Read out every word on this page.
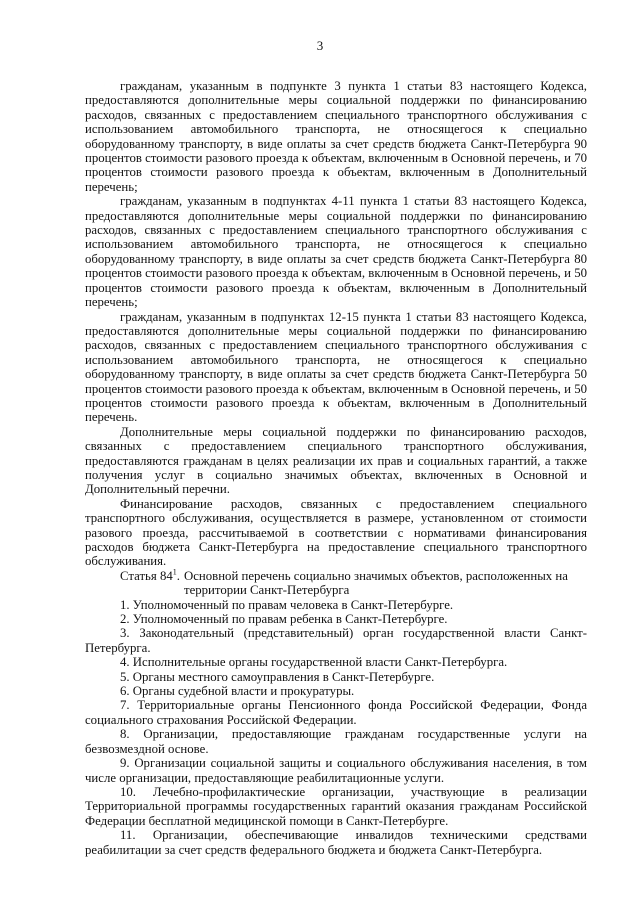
3

гражданам, указанным в подпункте 3 пункта 1 статьи 83 настоящего Кодекса, предоставляются дополнительные меры социальной поддержки по финансированию расходов, связанных с предоставлением специального транспортного обслуживания с использованием автомобильного транспорта, не относящегося к специально оборудованному транспорту, в виде оплаты за счет средств бюджета Санкт-Петербурга 90 процентов стоимости разового проезда к объектам, включенным в Основной перечень, и 70 процентов стоимости разового проезда к объектам, включенным в Дополнительный перечень;

гражданам, указанным в подпунктах 4-11 пункта 1 статьи 83 настоящего Кодекса, предоставляются дополнительные меры социальной поддержки по финансированию расходов, связанных с предоставлением специального транспортного обслуживания с использованием автомобильного транспорта, не относящегося к специально оборудованному транспорту, в виде оплаты за счет средств бюджета Санкт-Петербурга 80 процентов стоимости разового проезда к объектам, включенным в Основной перечень, и 50 процентов стоимости разового проезда к объектам, включенным в Дополнительный перечень;

гражданам, указанным в подпунктах 12-15 пункта 1 статьи 83 настоящего Кодекса, предоставляются дополнительные меры социальной поддержки по финансированию расходов, связанных с предоставлением специального транспортного обслуживания с использованием автомобильного транспорта, не относящегося к специально оборудованному транспорту, в виде оплаты за счет средств бюджета Санкт-Петербурга 50 процентов стоимости разового проезда к объектам, включенным в Основной перечень, и 50 процентов стоимости разового проезда к объектам, включенным в Дополнительный перечень.

Дополнительные меры социальной поддержки по финансированию расходов, связанных с предоставлением специального транспортного обслуживания, предоставляются гражданам в целях реализации их прав и социальных гарантий, а также получения услуг в социально значимых объектах, включенных в Основной и Дополнительный перечни.

Финансирование расходов, связанных с предоставлением специального транспортного обслуживания, осуществляется в размере, установленном от стоимости разового проезда, рассчитываемой в соответствии с нормативами финансирования расходов бюджета Санкт-Петербурга на предоставление специального транспортного обслуживания.

Статья $84^1$. Основной перечень социально значимых объектов, расположенных на территории Санкт-Петербурга

1. Уполномоченный по правам человека в Санкт-Петербурге.

2. Уполномоченный по правам ребенка в Санкт-Петербурге.

3. Законодательный (представительный) орган государственной власти Санкт-Петербурга.

4. Исполнительные органы государственной власти Санкт-Петербурга.

5. Органы местного самоуправления в Санкт-Петербурге.

6. Органы судебной власти и прокуратуры.

7. Территориальные органы Пенсионного фонда Российской Федерации, Фонда социального страхования Российской Федерации.

8. Организации, предоставляющие гражданам государственные услуги на безвозмездной основе.

9. Организации социальной защиты и социального обслуживания населения, в том числе организации, предоставляющие реабилитационные услуги.

10. Лечебно-профилактические организации, участвующие в реализации Территориальной программы государственных гарантий оказания гражданам Российской Федерации бесплатной медицинской помощи в Санкт-Петербурге.

11. Организации, обеспечивающие инвалидов техническими средствами реабилитации за счет средств федерального бюджета и бюджета Санкт-Петербурга.
